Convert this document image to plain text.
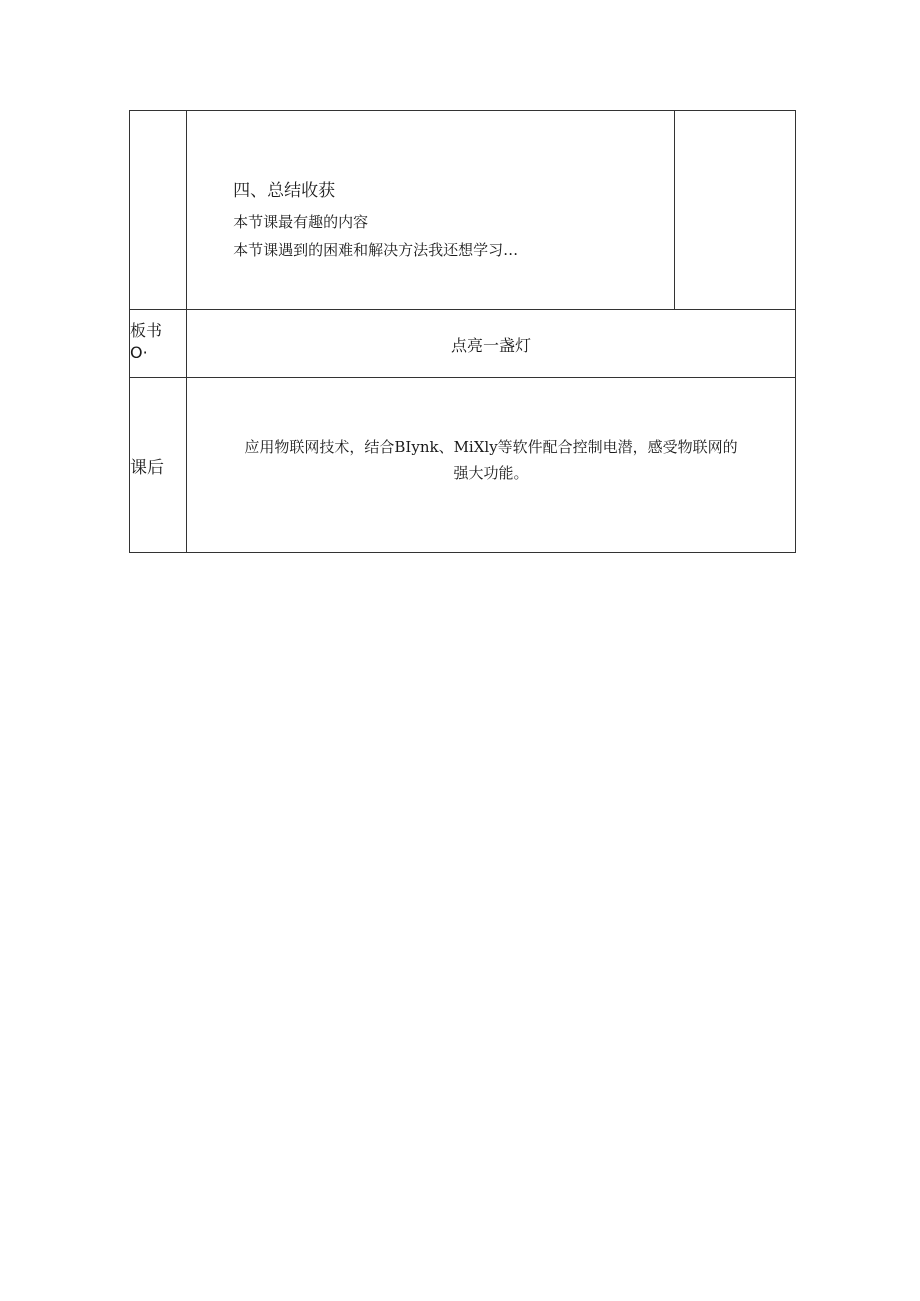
	四、总结收获

本节课最有趣的内容

本节课遇到的困难和解决方法我还想学习…	

板书
O·	点亮一盏灯	

课后	应用物联网技术，结合BIynk、MiXly等软件配合控制电潜，感受物联网的
强大功能。	
